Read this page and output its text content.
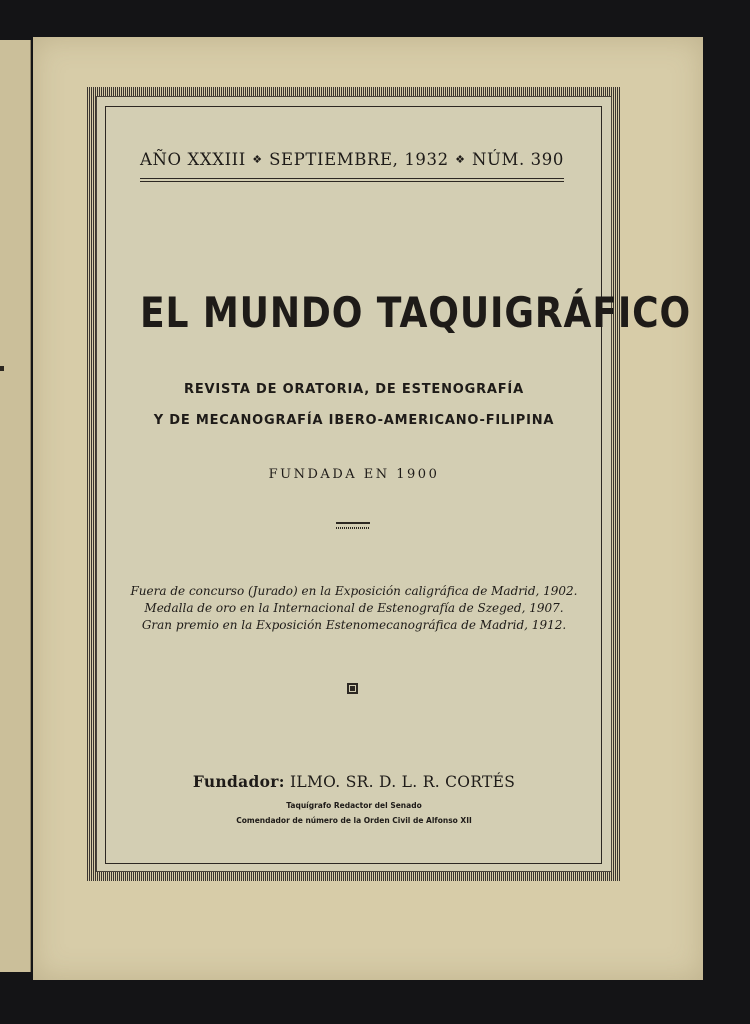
AÑO XXXIII ❖ SEPTIEMBRE, 1932 ❖ NÚM. 390
EL MUNDO TAQUIGRÁFICO
REVISTA DE ORATORIA, DE ESTENOGRAFÍA
Y DE MECANOGRAFÍA IBERO-AMERICANO-FILIPINA
FUNDADA EN 1900
Fuera de concurso (Jurado) en la Exposición caligráfica de Madrid, 1902.
Medalla de oro en la Internacional de Estenografía de Szeged, 1907.
Gran premio en la Exposición Estenomecanográfica de Madrid, 1912.
Fundador: ILMO. SR. D. L. R. CORTÉS
Taquígrafo Redactor del Senado
Comendador de número de la Orden Civil de Alfonso XII
